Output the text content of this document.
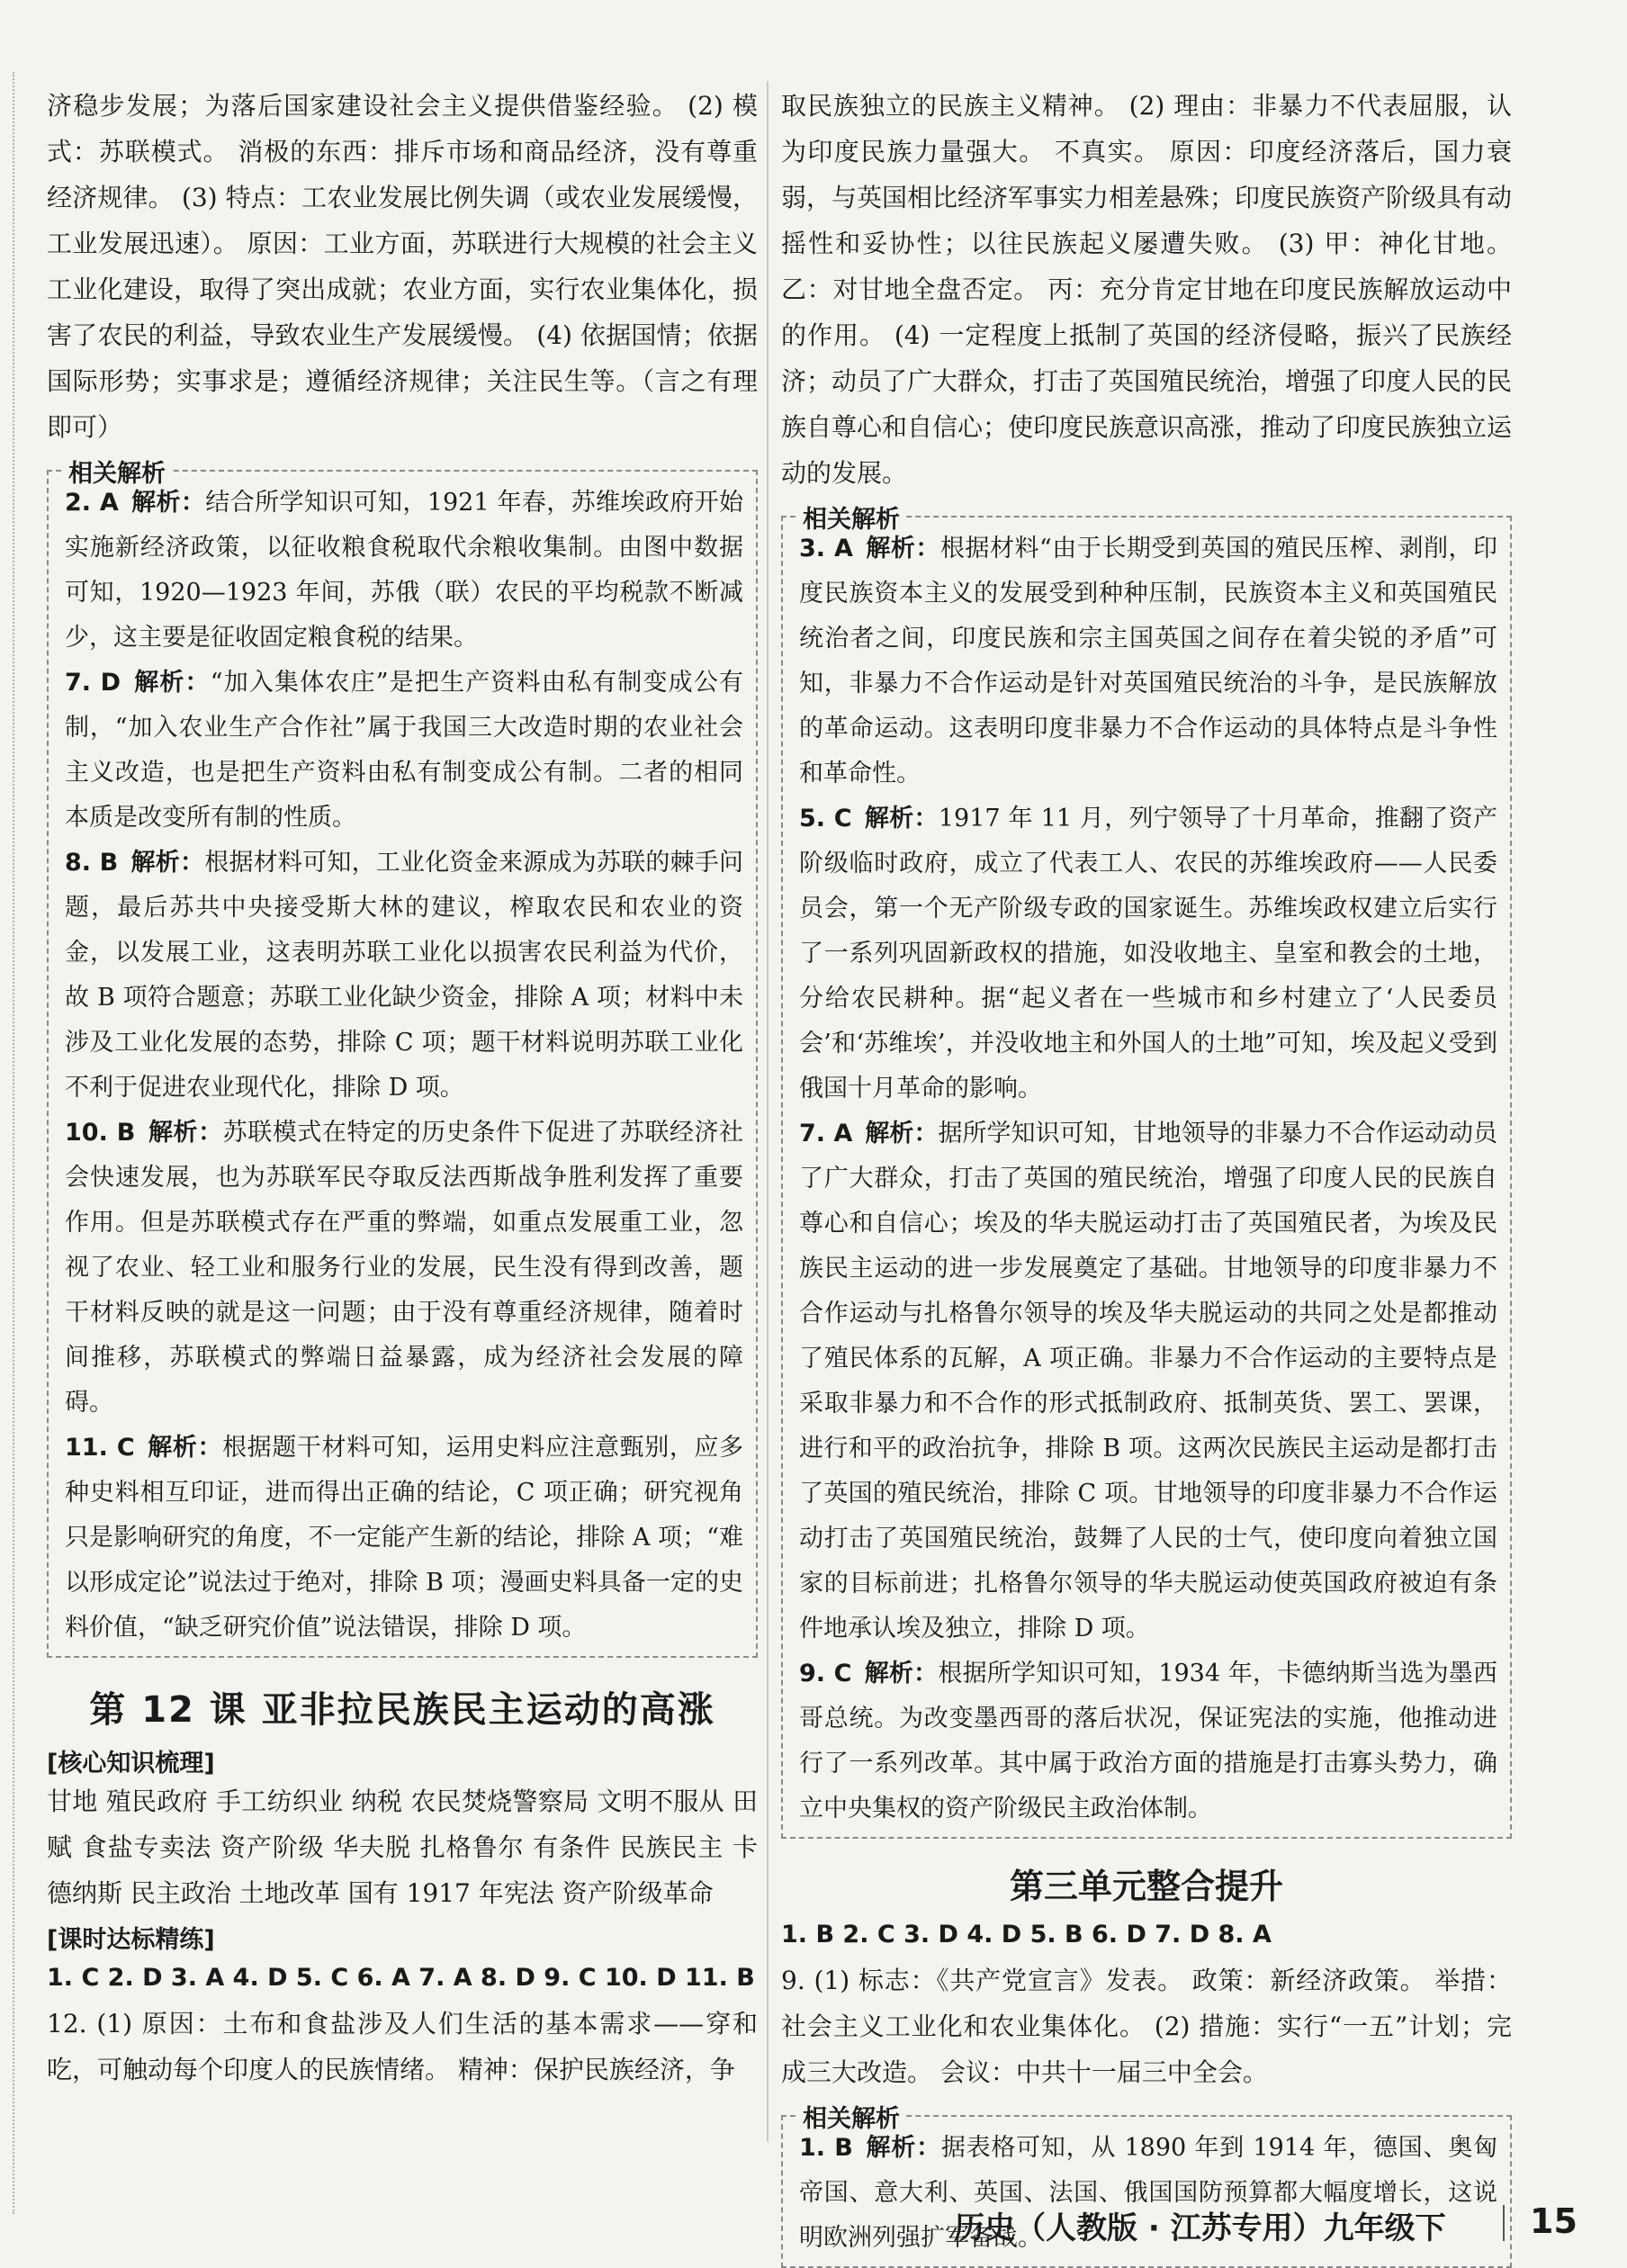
济稳步发展；为落后国家建设社会主义提供借鉴经验。 (2) 模式：苏联模式。 消极的东西：排斥市场和商品经济，没有尊重经济规律。 (3) 特点：工农业发展比例失调（或农业发展缓慢，工业发展迅速）。 原因：工业方面，苏联进行大规模的社会主义工业化建设，取得了突出成就；农业方面，实行农业集体化，损害了农民的利益，导致农业生产发展缓慢。 (4) 依据国情；依据国际形势；实事求是；遵循经济规律；关注民生等。（言之有理即可）

相关解析

2. A 解析：结合所学知识可知，1921 年春，苏维埃政府开始实施新经济政策，以征收粮食税取代余粮收集制。由图中数据可知，1920—1923 年间，苏俄（联）农民的平均税款不断减少，这主要是征收固定粮食税的结果。

7. D 解析：“加入集体农庄”是把生产资料由私有制变成公有制，“加入农业生产合作社”属于我国三大改造时期的农业社会主义改造，也是把生产资料由私有制变成公有制。二者的相同本质是改变所有制的性质。

8. B 解析：根据材料可知，工业化资金来源成为苏联的棘手问题，最后苏共中央接受斯大林的建议，榨取农民和农业的资金，以发展工业，这表明苏联工业化以损害农民利益为代价，故 B 项符合题意；苏联工业化缺少资金，排除 A 项；材料中未涉及工业化发展的态势，排除 C 项；题干材料说明苏联工业化不利于促进农业现代化，排除 D 项。

10. B 解析：苏联模式在特定的历史条件下促进了苏联经济社会快速发展，也为苏联军民夺取反法西斯战争胜利发挥了重要作用。但是苏联模式存在严重的弊端，如重点发展重工业，忽视了农业、轻工业和服务行业的发展，民生没有得到改善，题干材料反映的就是这一问题；由于没有尊重经济规律，随着时间推移，苏联模式的弊端日益暴露，成为经济社会发展的障碍。

11. C 解析：根据题干材料可知，运用史料应注意甄别，应多种史料相互印证，进而得出正确的结论，C 项正确；研究视角只是影响研究的角度，不一定能产生新的结论，排除 A 项；“难以形成定论”说法过于绝对，排除 B 项；漫画史料具备一定的史料价值，“缺乏研究价值”说法错误，排除 D 项。

第 12 课 亚非拉民族民主运动的高涨
[核心知识梳理]

甘地 殖民政府 手工纺织业 纳税 农民焚烧警察局 文明不服从 田赋 食盐专卖法 资产阶级 华夫脱 扎格鲁尔 有条件 民族民主 卡德纳斯 民主政治 土地改革 国有 1917 年宪法 资产阶级革命

[课时达标精练]

1. C 2. D 3. A 4. D 5. C 6. A 7. A 8. D 9. C 10. D 11. B

12. (1) 原因：土布和食盐涉及人们生活的基本需求——穿和吃，可触动每个印度人的民族情绪。 精神：保护民族经济，争

取民族独立的民族主义精神。 (2) 理由：非暴力不代表屈服，认为印度民族力量强大。 不真实。 原因：印度经济落后，国力衰弱，与英国相比经济军事实力相差悬殊；印度民族资产阶级具有动摇性和妥协性；以往民族起义屡遭失败。 (3) 甲：神化甘地。 乙：对甘地全盘否定。 丙：充分肯定甘地在印度民族解放运动中的作用。 (4) 一定程度上抵制了英国的经济侵略，振兴了民族经济；动员了广大群众，打击了英国殖民统治，增强了印度人民的民族自尊心和自信心；使印度民族意识高涨，推动了印度民族独立运动的发展。

相关解析

3. A 解析：根据材料“由于长期受到英国的殖民压榨、剥削，印度民族资本主义的发展受到种种压制，民族资本主义和英国殖民统治者之间，印度民族和宗主国英国之间存在着尖锐的矛盾”可知，非暴力不合作运动是针对英国殖民统治的斗争，是民族解放的革命运动。这表明印度非暴力不合作运动的具体特点是斗争性和革命性。

5. C 解析：1917 年 11 月，列宁领导了十月革命，推翻了资产阶级临时政府，成立了代表工人、农民的苏维埃政府——人民委员会，第一个无产阶级专政的国家诞生。苏维埃政权建立后实行了一系列巩固新政权的措施，如没收地主、皇室和教会的土地，分给农民耕种。据“起义者在一些城市和乡村建立了‘人民委员会’和‘苏维埃’，并没收地主和外国人的土地”可知，埃及起义受到俄国十月革命的影响。

7. A 解析：据所学知识可知，甘地领导的非暴力不合作运动动员了广大群众，打击了英国的殖民统治，增强了印度人民的民族自尊心和自信心；埃及的华夫脱运动打击了英国殖民者，为埃及民族民主运动的进一步发展奠定了基础。甘地领导的印度非暴力不合作运动与扎格鲁尔领导的埃及华夫脱运动的共同之处是都推动了殖民体系的瓦解，A 项正确。非暴力不合作运动的主要特点是采取非暴力和不合作的形式抵制政府、抵制英货、罢工、罢课，进行和平的政治抗争，排除 B 项。这两次民族民主运动是都打击了英国的殖民统治，排除 C 项。甘地领导的印度非暴力不合作运动打击了英国殖民统治，鼓舞了人民的士气，使印度向着独立国家的目标前进；扎格鲁尔领导的华夫脱运动使英国政府被迫有条件地承认埃及独立，排除 D 项。

9. C 解析：根据所学知识可知，1934 年，卡德纳斯当选为墨西哥总统。为改变墨西哥的落后状况，保证宪法的实施，他推动进行了一系列改革。其中属于政治方面的措施是打击寡头势力，确立中央集权的资产阶级民主政治体制。

第三单元整合提升

1. B 2. C 3. D 4. D 5. B 6. D 7. D 8. A

9. (1) 标志：《共产党宣言》发表。 政策：新经济政策。 举措：社会主义工业化和农业集体化。 (2) 措施：实行“一五”计划；完成三大改造。 会议：中共十一届三中全会。

相关解析

1. B 解析：据表格可知，从 1890 年到 1914 年，德国、奥匈帝国、意大利、英国、法国、俄国国防预算都大幅度增长，这说明欧洲列强扩军备战。

历史（人教版 · 江苏专用）九年级下 15
